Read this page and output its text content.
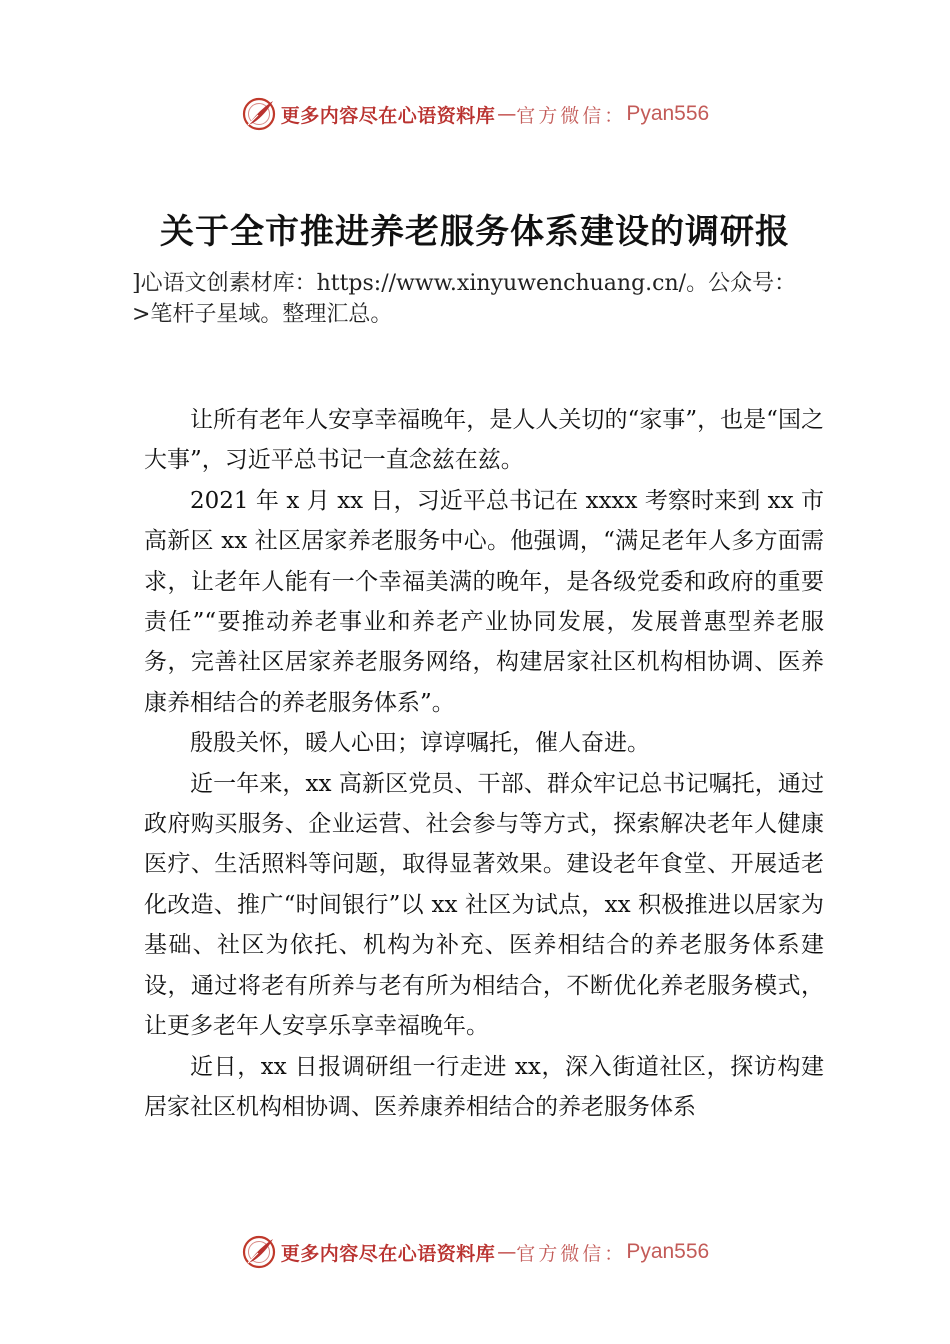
更多内容尽在心语资料库 — 官方微信： Pyan556
关于全市推进养老服务体系建设的调研报

]心语文创素材库：https://www.xinyuwenchuang.cn/。公众号：

>笔杆子星域。整理汇总。

让所有老年人安享幸福晚年，是人人关切的“家事”，也是“国之大事”，习近平总书记一直念兹在兹。

2021 年 x 月 xx 日，习近平总书记在 xxxx 考察时来到 xx 市高新区 xx 社区居家养老服务中心。他强调，“满足老年人多方面需求，让老年人能有一个幸福美满的晚年，是各级党委和政府的重要责任”“要推动养老事业和养老产业协同发展，发展普惠型养老服务，完善社区居家养老服务网络，构建居家社区机构相协调、医养康养相结合的养老服务体系”。

殷殷关怀，暖人心田；谆谆嘱托，催人奋进。

近一年来，xx 高新区党员、干部、群众牢记总书记嘱托，通过政府购买服务、企业运营、社会参与等方式，探索解决老年人健康医疗、生活照料等问题，取得显著效果。建设老年食堂、开展适老化改造、推广“时间银行”以 xx 社区为试点，xx 积极推进以居家为基础、社区为依托、机构为补充、医养相结合的养老服务体系建设，通过将老有所养与老有所为相结合，不断优化养老服务模式，让更多老年人安享乐享幸福晚年。

近日，xx 日报调研组一行走进 xx，深入街道社区，探访构建居家社区机构相协调、医养康养相结合的养老服务体系

更多内容尽在心语资料库 — 官方微信： Pyan556
